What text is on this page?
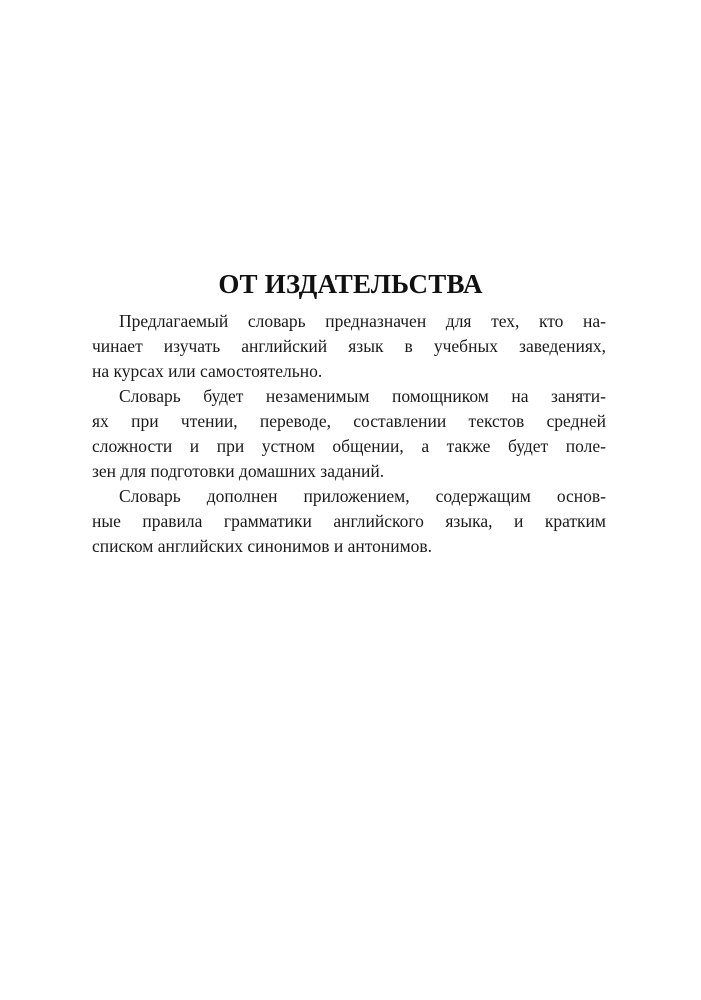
ОТ ИЗДАТЕЛЬСТВА
Предлагаемый словарь предназначен для тех, кто на-
чинает изучать английский язык в учебных заведениях,
на курсах или самостоятельно.
Словарь будет незаменимым помощником на заняти-
ях при чтении, переводе, составлении текстов средней
сложности и при устном общении, а также будет поле-
зен для подготовки домашних заданий.
Словарь дополнен приложением, содержащим основ-
ные правила грамматики английского языка, и кратким
списком английских синонимов и антонимов.
